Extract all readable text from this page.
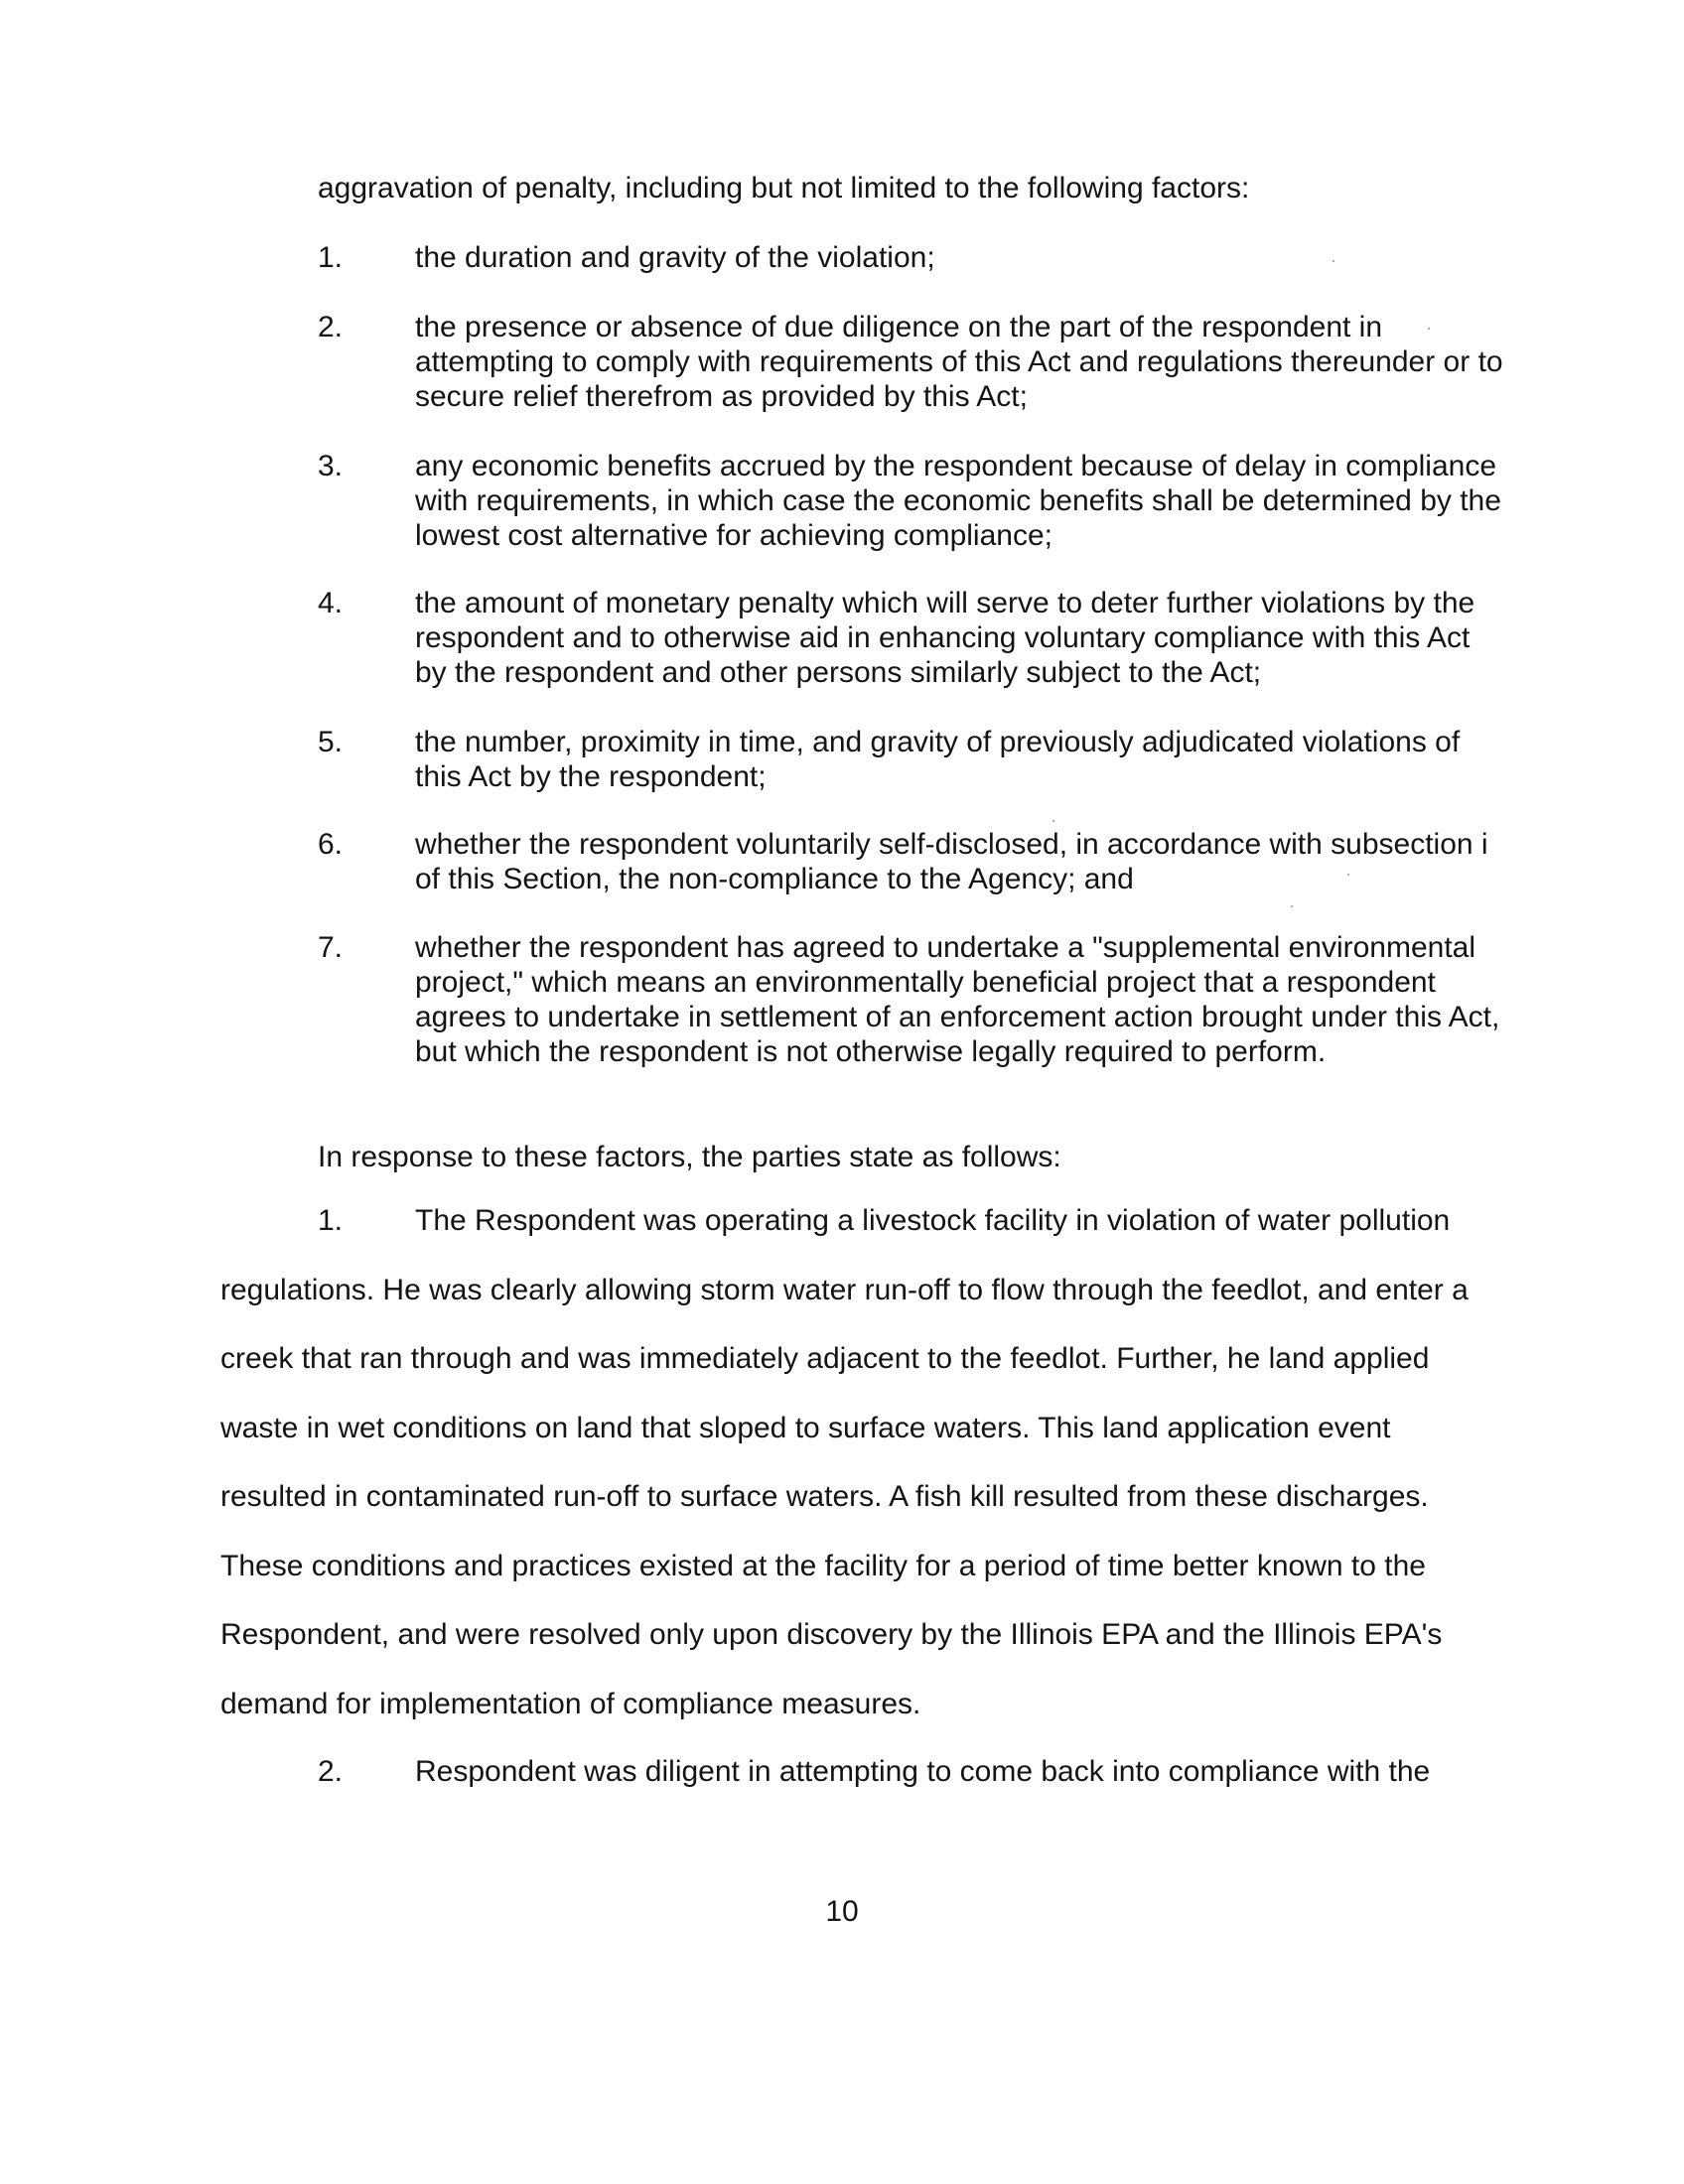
aggravation of penalty, including but not limited to the following factors:
1. the duration and gravity of the violation;
2. the presence or absence of due diligence on the part of the respondent in attempting to comply with requirements of this Act and regulations thereunder or to secure relief therefrom as provided by this Act;
3. any economic benefits accrued by the respondent because of delay in compliance with requirements, in which case the economic benefits shall be determined by the lowest cost alternative for achieving compliance;
4. the amount of monetary penalty which will serve to deter further violations by the respondent and to otherwise aid in enhancing voluntary compliance with this Act by the respondent and other persons similarly subject to the Act;
5. the number, proximity in time, and gravity of previously adjudicated violations of this Act by the respondent;
6. whether the respondent voluntarily self-disclosed, in accordance with subsection i of this Section, the non-compliance to the Agency; and
7. whether the respondent has agreed to undertake a "supplemental environmental project," which means an environmentally beneficial project that a respondent agrees to undertake in settlement of an enforcement action brought under this Act, but which the respondent is not otherwise legally required to perform.
In response to these factors, the parties state as follows:
1. The Respondent was operating a livestock facility in violation of water pollution regulations. He was clearly allowing storm water run-off to flow through the feedlot, and enter a creek that ran through and was immediately adjacent to the feedlot. Further, he land applied waste in wet conditions on land that sloped to surface waters. This land application event resulted in contaminated run-off to surface waters. A fish kill resulted from these discharges. These conditions and practices existed at the facility for a period of time better known to the Respondent, and were resolved only upon discovery by the Illinois EPA and the Illinois EPA's demand for implementation of compliance measures.
2. Respondent was diligent in attempting to come back into compliance with the
10
